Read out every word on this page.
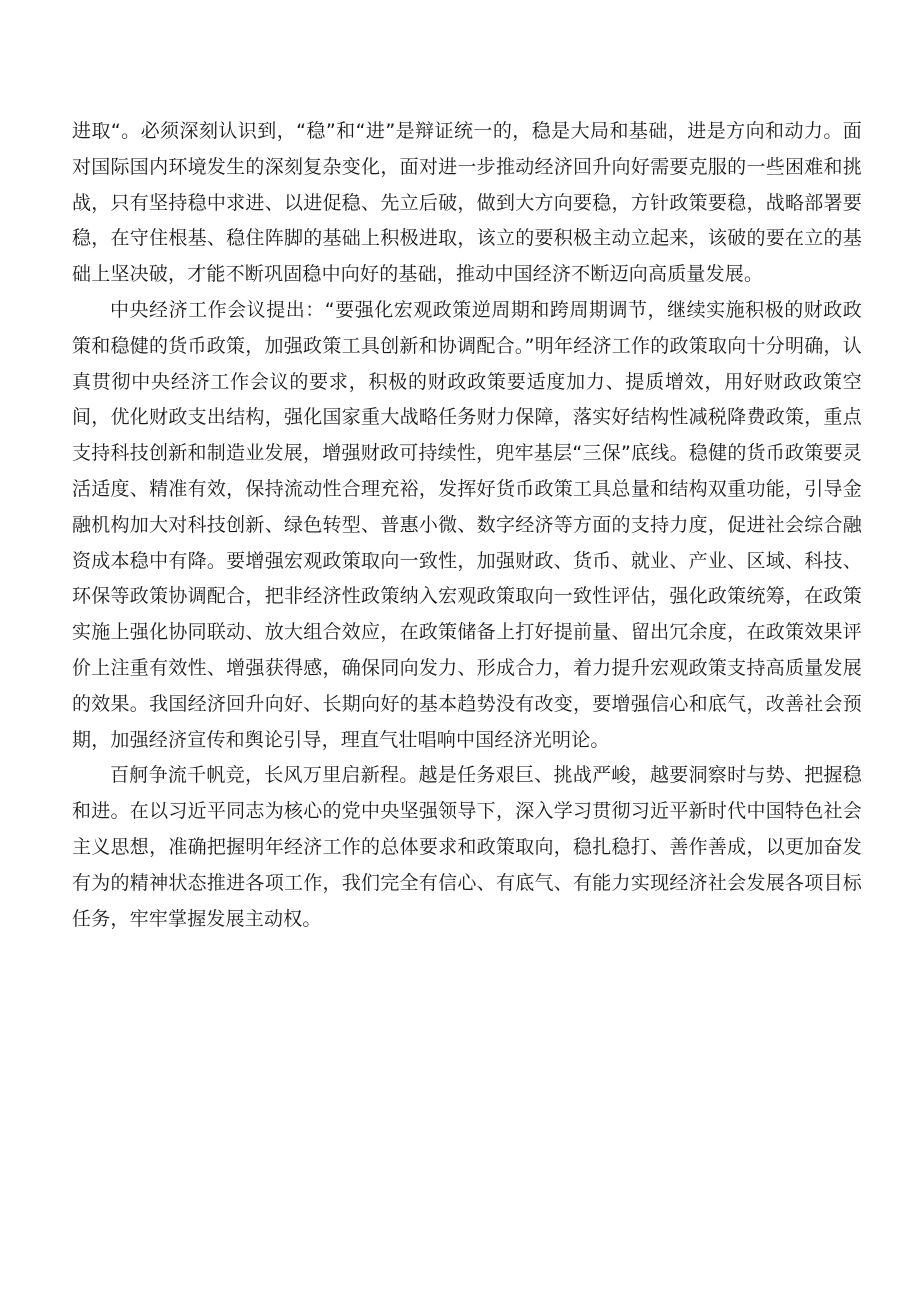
进取“。必须深刻认识到，“稳”和“进”是辩证统一的，稳是大局和基础，进是方向和动力。面对国际国内环境发生的深刻复杂变化，面对进一步推动经济回升向好需要克服的一些困难和挑战，只有坚持稳中求进、以进促稳、先立后破，做到大方向要稳，方针政策要稳，战略部署要稳，在守住根基、稳住阵脚的基础上积极进取，该立的要积极主动立起来，该破的要在立的基础上坚决破，才能不断巩固稳中向好的基础，推动中国经济不断迈向高质量发展。

中央经济工作会议提出：“要强化宏观政策逆周期和跨周期调节，继续实施积极的财政政策和稳健的货币政策，加强政策工具创新和协调配合。”明年经济工作的政策取向十分明确，认真贯彻中央经济工作会议的要求，积极的财政政策要适度加力、提质增效，用好财政政策空间，优化财政支出结构，强化国家重大战略任务财力保障，落实好结构性减税降费政策，重点支持科技创新和制造业发展，增强财政可持续性，兜牢基层“三保”底线。稳健的货币政策要灵活适度、精准有效，保持流动性合理充裕，发挥好货币政策工具总量和结构双重功能，引导金融机构加大对科技创新、绿色转型、普惠小微、数字经济等方面的支持力度，促进社会综合融资成本稳中有降。要增强宏观政策取向一致性，加强财政、货币、就业、产业、区域、科技、环保等政策协调配合，把非经济性政策纳入宏观政策取向一致性评估，强化政策统筹，在政策实施上强化协同联动、放大组合效应，在政策储备上打好提前量、留出冗余度，在政策效果评价上注重有效性、增强获得感，确保同向发力、形成合力，着力提升宏观政策支持高质量发展的效果。我国经济回升向好、长期向好的基本趋势没有改变，要增强信心和底气，改善社会预期，加强经济宣传和舆论引导，理直气壮唱响中国经济光明论。

百舸争流千帆竞，长风万里启新程。越是任务艰巨、挑战严峻，越要洞察时与势、把握稳和进。在以习近平同志为核心的党中央坚强领导下，深入学习贯彻习近平新时代中国特色社会主义思想，准确把握明年经济工作的总体要求和政策取向，稳扎稳打、善作善成，以更加奋发有为的精神状态推进各项工作，我们完全有信心、有底气、有能力实现经济社会发展各项目标任务，牢牢掌握发展主动权。
